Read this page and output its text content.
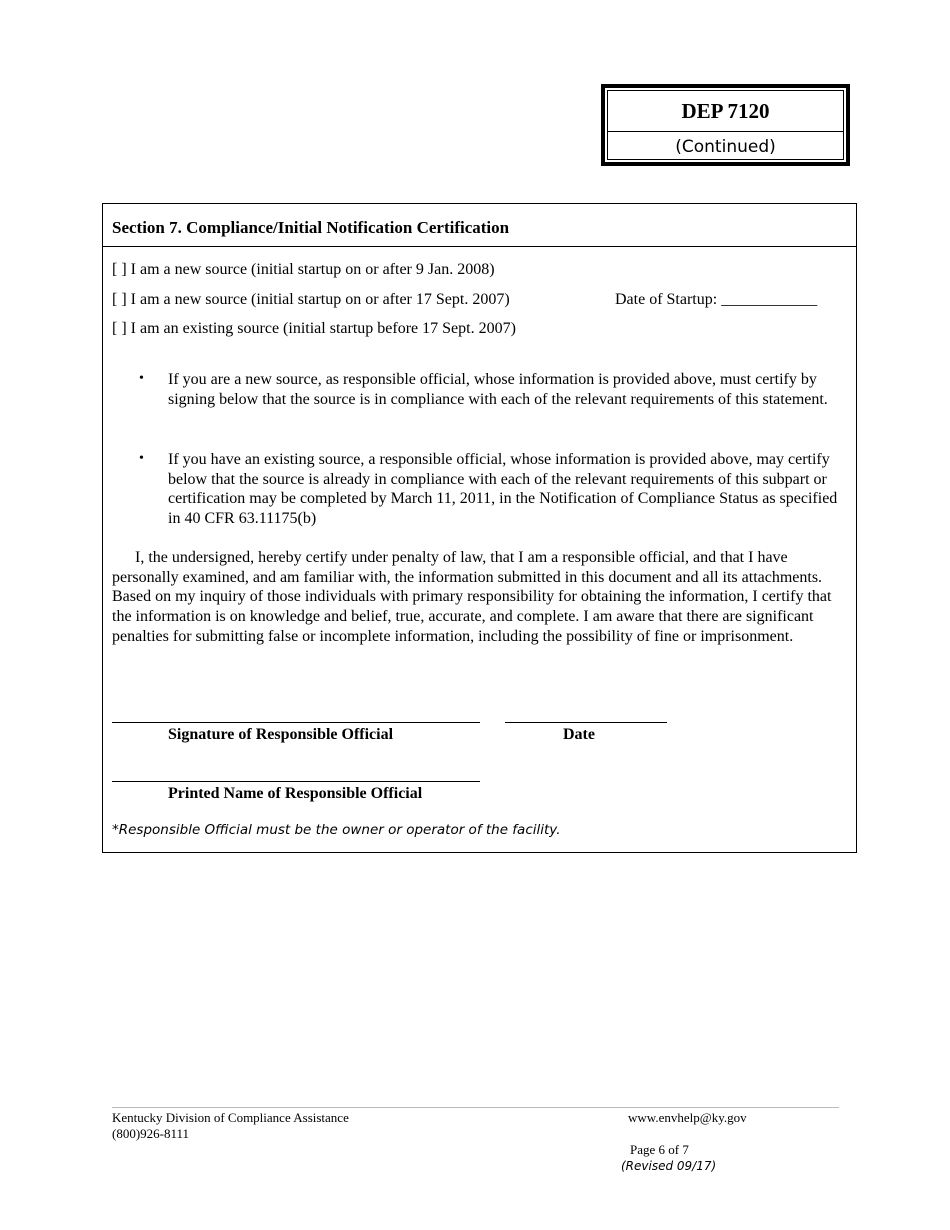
DEP 7120
(Continued)
Section 7. Compliance/Initial Notification Certification
[ ] I am a new source (initial startup on or after 9 Jan. 2008)
[ ] I am a new source (initial startup on or after 17 Sept. 2007)	Date of Startup: ____________
[ ] I am an existing source (initial startup before 17 Sept. 2007)
• If you are a new source, as responsible official, whose information is provided above, must certify by signing below that the source is in compliance with each of the relevant requirements of this statement.
• If you have an existing source, a responsible official, whose information is provided above, may certify below that the source is already in compliance with each of the relevant requirements of this subpart or certification may be completed by March 11, 2011, in the Notification of Compliance Status as specified in 40 CFR 63.11175(b)
I, the undersigned, hereby certify under penalty of law, that I am a responsible official, and that I have personally examined, and am familiar with, the information submitted in this document and all its attachments. Based on my inquiry of those individuals with primary responsibility for obtaining the information, I certify that the information is on knowledge and belief, true, accurate, and complete. I am aware that there are significant penalties for submitting false or incomplete information, including the possibility of fine or imprisonment.
Signature of Responsible Official	Date
Printed Name of Responsible Official
*Responsible Official must be the owner or operator of the facility.
Kentucky Division of Compliance Assistance
(800)926-8111
www.envhelp@ky.gov
Page 6 of 7
(Revised 09/17)
